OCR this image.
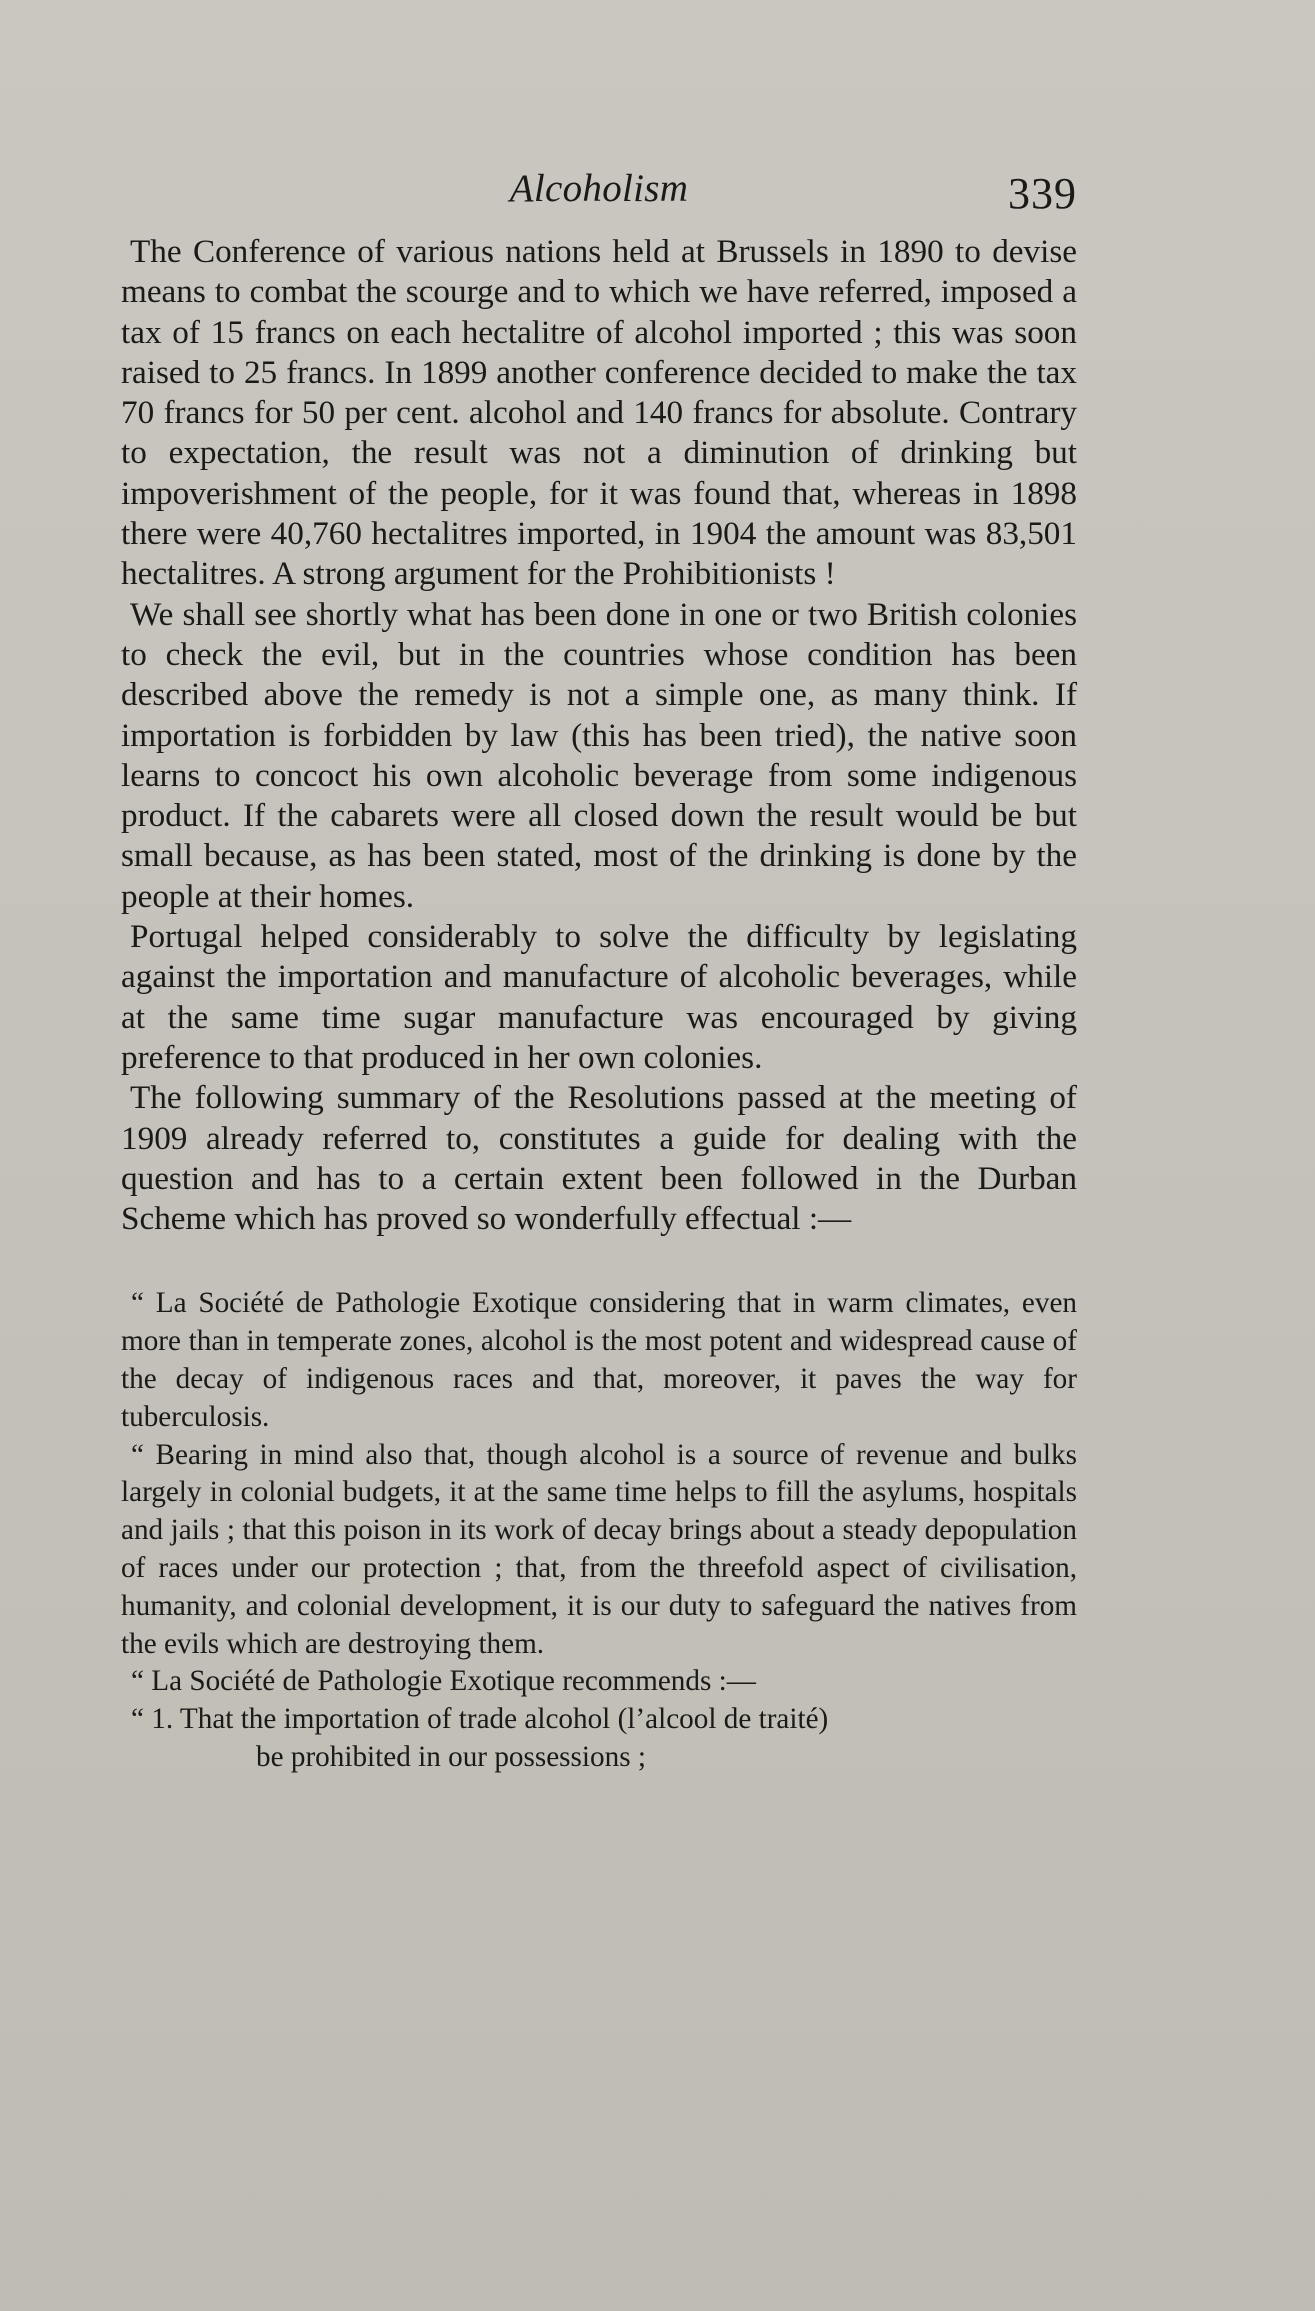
Alcoholism	339

The Conference of various nations held at Brussels in 1890 to devise means to combat the scourge and to which we have referred, imposed a tax of 15 francs on each hectalitre of alcohol imported ; this was soon raised to 25 francs. In 1899 another conference decided to make the tax 70 francs for 50 per cent. alcohol and 140 francs for absolute. Contrary to expectation, the result was not a diminution of drinking but impoverishment of the people, for it was found that, whereas in 1898 there were 40,760 hectalitres imported, in 1904 the amount was 83,501 hectalitres. A strong argument for the Prohibitionists !

We shall see shortly what has been done in one or two British colonies to check the evil, but in the countries whose condition has been described above the remedy is not a simple one, as many think. If importation is forbidden by law (this has been tried), the native soon learns to concoct his own alcoholic beverage from some indigenous product. If the cabarets were all closed down the result would be but small because, as has been stated, most of the drinking is done by the people at their homes.

Portugal helped considerably to solve the difficulty by legislating against the importation and manufacture of alcoholic beverages, while at the same time sugar manufacture was encouraged by giving preference to that produced in her own colonies.

The following summary of the Resolutions passed at the meeting of 1909 already referred to, constitutes a guide for dealing with the question and has to a certain extent been followed in the Durban Scheme which has proved so wonderfully effectual :—

“ La Société de Pathologie Exotique considering that in warm climates, even more than in temperate zones, alcohol is the most potent and widespread cause of the decay of indigenous races and that, moreover, it paves the way for tuberculosis.

“ Bearing in mind also that, though alcohol is a source of revenue and bulks largely in colonial budgets, it at the same time helps to fill the asylums, hospitals and jails ; that this poison in its work of decay brings about a steady depopulation of races under our protection ; that, from the threefold aspect of civilisation, humanity, and colonial development, it is our duty to safeguard the natives from the evils which are destroying them.

“ La Société de Pathologie Exotique recommends :—

“ 1. That the importation of trade alcohol (l’alcool de traité)
be prohibited in our possessions ;
